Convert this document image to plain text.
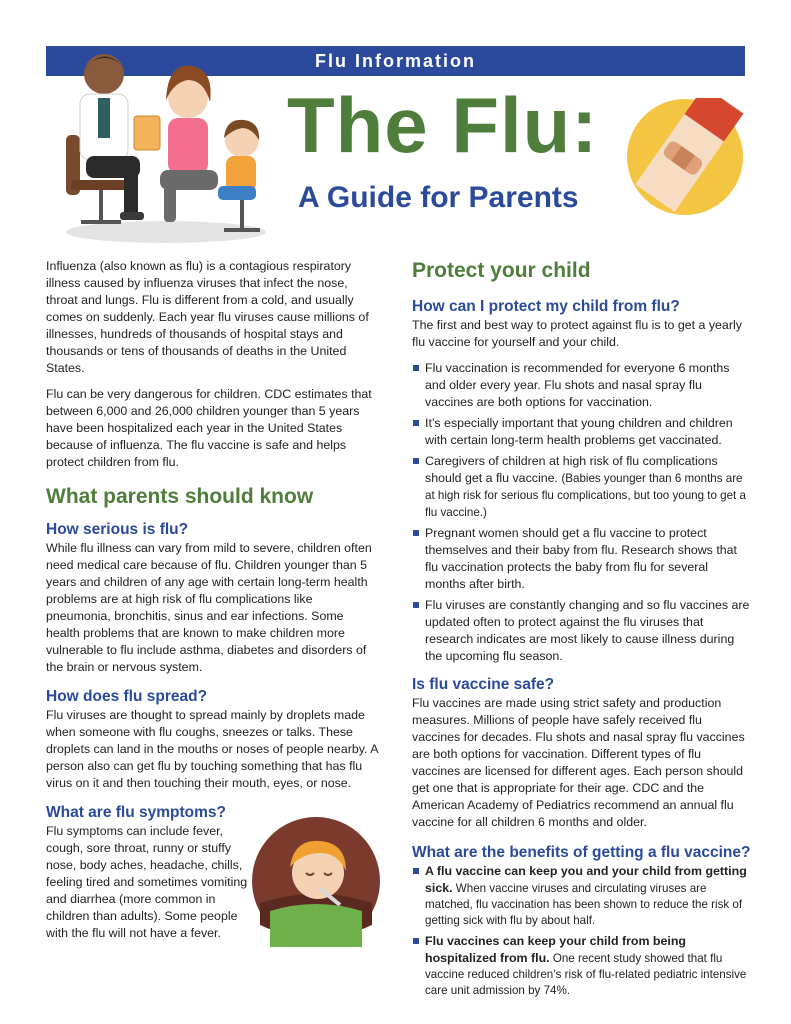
Flu Information
The Flu:
A Guide for Parents

Influenza (also known as flu) is a contagious respiratory illness caused by influenza viruses that infect the nose, throat and lungs. Flu is different from a cold, and usually comes on suddenly. Each year flu viruses cause millions of illnesses, hundreds of thousands of hospital stays and thousands or tens of thousands of deaths in the United States.

Flu can be very dangerous for children. CDC estimates that between 6,000 and 26,000 children younger than 5 years have been hospitalized each year in the United States because of influenza. The flu vaccine is safe and helps protect children from flu.

What parents should know
How serious is flu?

While flu illness can vary from mild to severe, children often need medical care because of flu. Children younger than 5 years and children of any age with certain long-term health problems are at high risk of flu complications like pneumonia, bronchitis, sinus and ear infections. Some health problems that are known to make children more vulnerable to flu include asthma, diabetes and disorders of the brain or nervous system.

How does flu spread?

Flu viruses are thought to spread mainly by droplets made when someone with flu coughs, sneezes or talks. These droplets can land in the mouths or noses of people nearby. A person also can get flu by touching something that has flu virus on it and then touching their mouth, eyes, or nose.

What are flu symptoms?

Flu symptoms can include fever, cough, sore throat, runny or stuffy nose, body aches, headache, chills, feeling tired and sometimes vomiting and diarrhea (more common in children than adults). Some people with the flu will not have a fever.

Protect your child
How can I protect my child from flu?

The first and best way to protect against flu is to get a yearly flu vaccine for yourself and your child.

Flu vaccination is recommended for everyone 6 months and older every year. Flu shots and nasal spray flu vaccines are both options for vaccination.
It’s especially important that young children and children with certain long-term health problems get vaccinated.
Caregivers of children at high risk of flu complications should get a flu vaccine. (Babies younger than 6 months are at high risk for serious flu complications, but too young to get a flu vaccine.)
Pregnant women should get a flu vaccine to protect themselves and their baby from flu. Research shows that flu vaccination protects the baby from flu for several months after birth.
Flu viruses are constantly changing and so flu vaccines are updated often to protect against the flu viruses that research indicates are most likely to cause illness during the upcoming flu season.
Is flu vaccine safe?

Flu vaccines are made using strict safety and production measures. Millions of people have safely received flu vaccines for decades. Flu shots and nasal spray flu vaccines are both options for vaccination. Different types of flu vaccines are licensed for different ages. Each person should get one that is appropriate for their age. CDC and the American Academy of Pediatrics recommend an annual flu vaccine for all children 6 months and older.

What are the benefits of getting a flu vaccine?
A flu vaccine can keep you and your child from getting sick. When vaccine viruses and circulating viruses are matched, flu vaccination has been shown to reduce the risk of getting sick with flu by about half.
Flu vaccines can keep your child from being hospitalized from flu. One recent study showed that flu vaccine reduced children’s risk of flu-related pediatric intensive care unit admission by 74%.
